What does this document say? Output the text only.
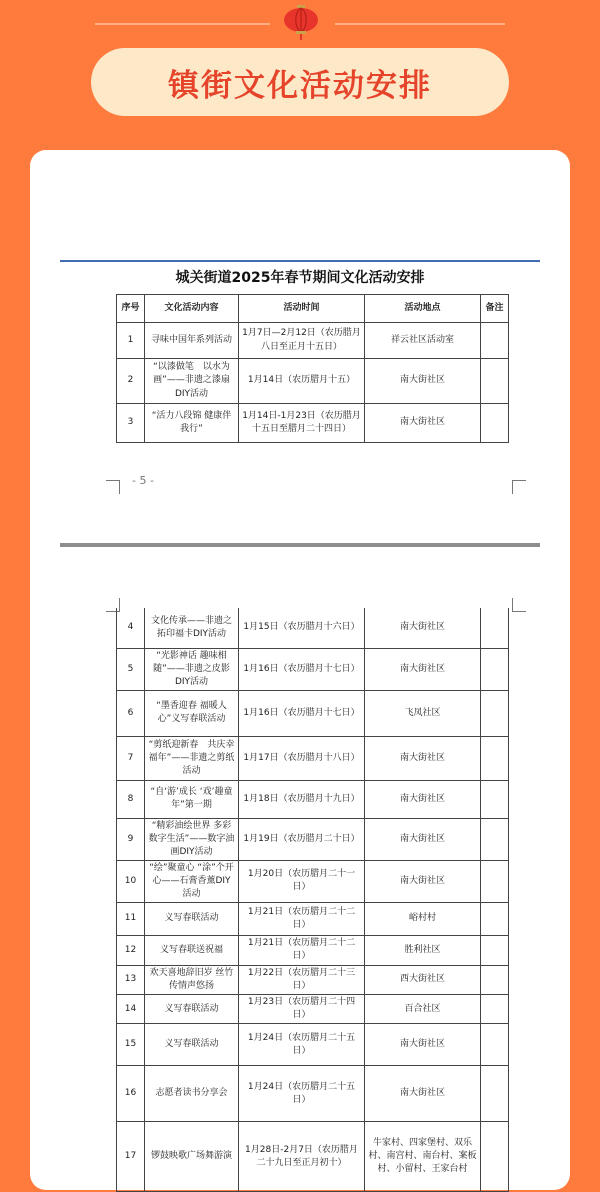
镇街文化活动安排
城关街道2025年春节期间文化活动安排
序号	文化活动内容	活动时间	活动地点	备注
1	寻味中国年系列活动	1月7日—2月12日（农历腊月八日至正月十五日）	祥云社区活动室	
2	“以漆做笔　以水为画”——非遗之漆扇DIY活动	1月14日（农历腊月十五）	南大街社区	
3	“活力八段锦 健康伴我行”	1月14日-1月23日（农历腊月十五日至腊月二十四日）	南大街社区	
- 5 -
4	文化传承——非遗之拓印福卡DIY活动	1月15日（农历腊月十六日）	南大街社区	
5	“光影神话 趣味相随”——非遗之皮影DIY活动	1月16日（农历腊月十七日）	南大街社区	
6	“墨香迎春 福暖人心”义写春联活动	1月16日（农历腊月十七日）	飞凤社区	
7	“剪纸迎新春　共庆幸福年”——非遗之剪纸活动	1月17日（农历腊月十八日）	南大街社区	
8	“自‘游’成长 ‘戏’趣童年”第一期	1月18日（农历腊月十九日）	南大街社区	
9	“精彩油绘世界 多彩数字生活”——数字油画DIY活动	1月19日（农历腊月二十日）	南大街社区	
10	“绘”聚童心 “涂”个开心——石膏香薰DIY活动	1月20日（农历腊月二十一日）	南大街社区	
11	义写春联活动	1月21日（农历腊月二十二日）	峪村村	
12	义写春联送祝福	1月21日（农历腊月二十二日）	胜利社区	
13	欢天喜地辞旧岁 丝竹传情声悠扬	1月22日（农历腊月二十三日）	西大街社区	
14	义写春联活动	1月23日（农历腊月二十四日）	百合社区	
15	义写春联活动	1月24日（农历腊月二十五日）	南大街社区	
16	志愿者读书分享会	1月24日（农历腊月二十五日）	南大街社区	
17	锣鼓映歌广场舞游演	1月28日-2月7日（农历腊月二十九日至正月初十）	牛家村、四家堡村、双乐村、南宫村、南台村、案板村、小留村、王家台村	
